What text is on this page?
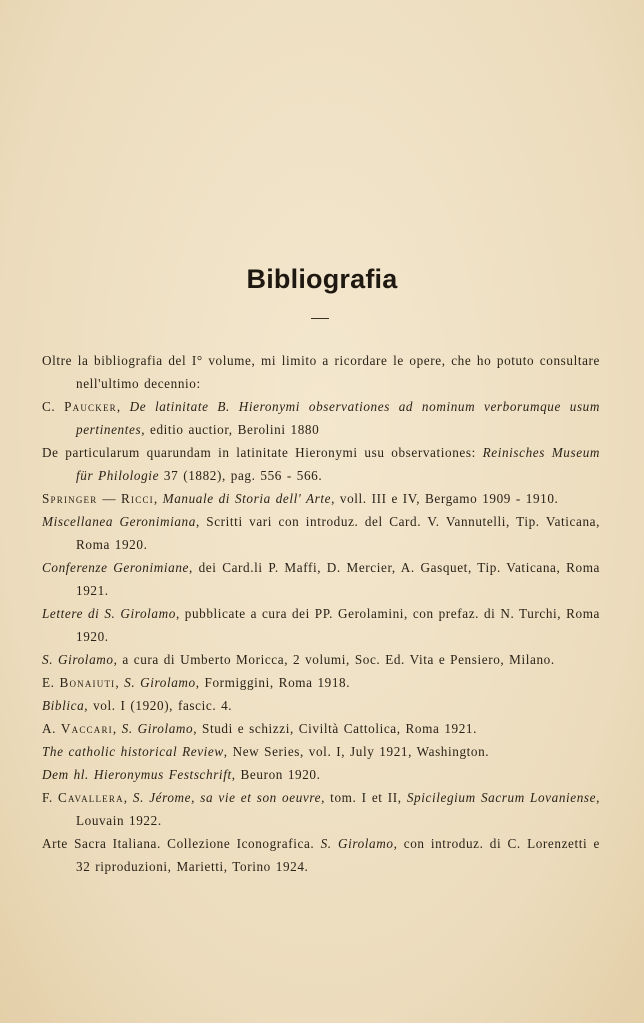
Bibliografia

Oltre la bibliografia del I° volume, mi limito a ricordare le opere, che ho potuto consultare nell'ultimo decennio:

C. Paucker, De latinitate B. Hieronymi observationes ad nominum verborumque usum pertinentes, editio auctior, Berolini 1880

De particularum quarundam in latinitate Hieronymi usu observationes: Reinisches Museum für Philologie 37 (1882), pag. 556 - 566.

Springer — Ricci, Manuale di Storia dell' Arte, voll. III e IV, Bergamo 1909 - 1910.

Miscellanea Geronimiana, Scritti vari con introduz. del Card. V. Vannutelli, Tip. Vaticana, Roma 1920.

Conferenze Geronimiane, dei Card.li P. Maffi, D. Mercier, A. Gasquet, Tip. Vaticana, Roma 1921.

Lettere di S. Girolamo, pubblicate a cura dei PP. Gerolamini, con prefaz. di N. Turchi, Roma 1920.

S. Girolamo, a cura di Umberto Moricca, 2 volumi, Soc. Ed. Vita e Pensiero, Milano.

E. Bonaiuti, S. Girolamo, Formiggini, Roma 1918.

Biblica, vol. I (1920), fascic. 4.

A. Vaccari, S. Girolamo, Studi e schizzi, Civiltà Cattolica, Roma 1921.

The catholic historical Review, New Series, vol. I, July 1921, Washington.

Dem hl. Hieronymus Festschrift, Beuron 1920.

F. Cavallera, S. Jérome, sa vie et son oeuvre, tom. I et II, Spicilegium Sacrum Lovaniense, Louvain 1922.

Arte Sacra Italiana. Collezione Iconografica. S. Girolamo, con introduz. di C. Lorenzetti e 32 riproduzioni, Marietti, Torino 1924.
